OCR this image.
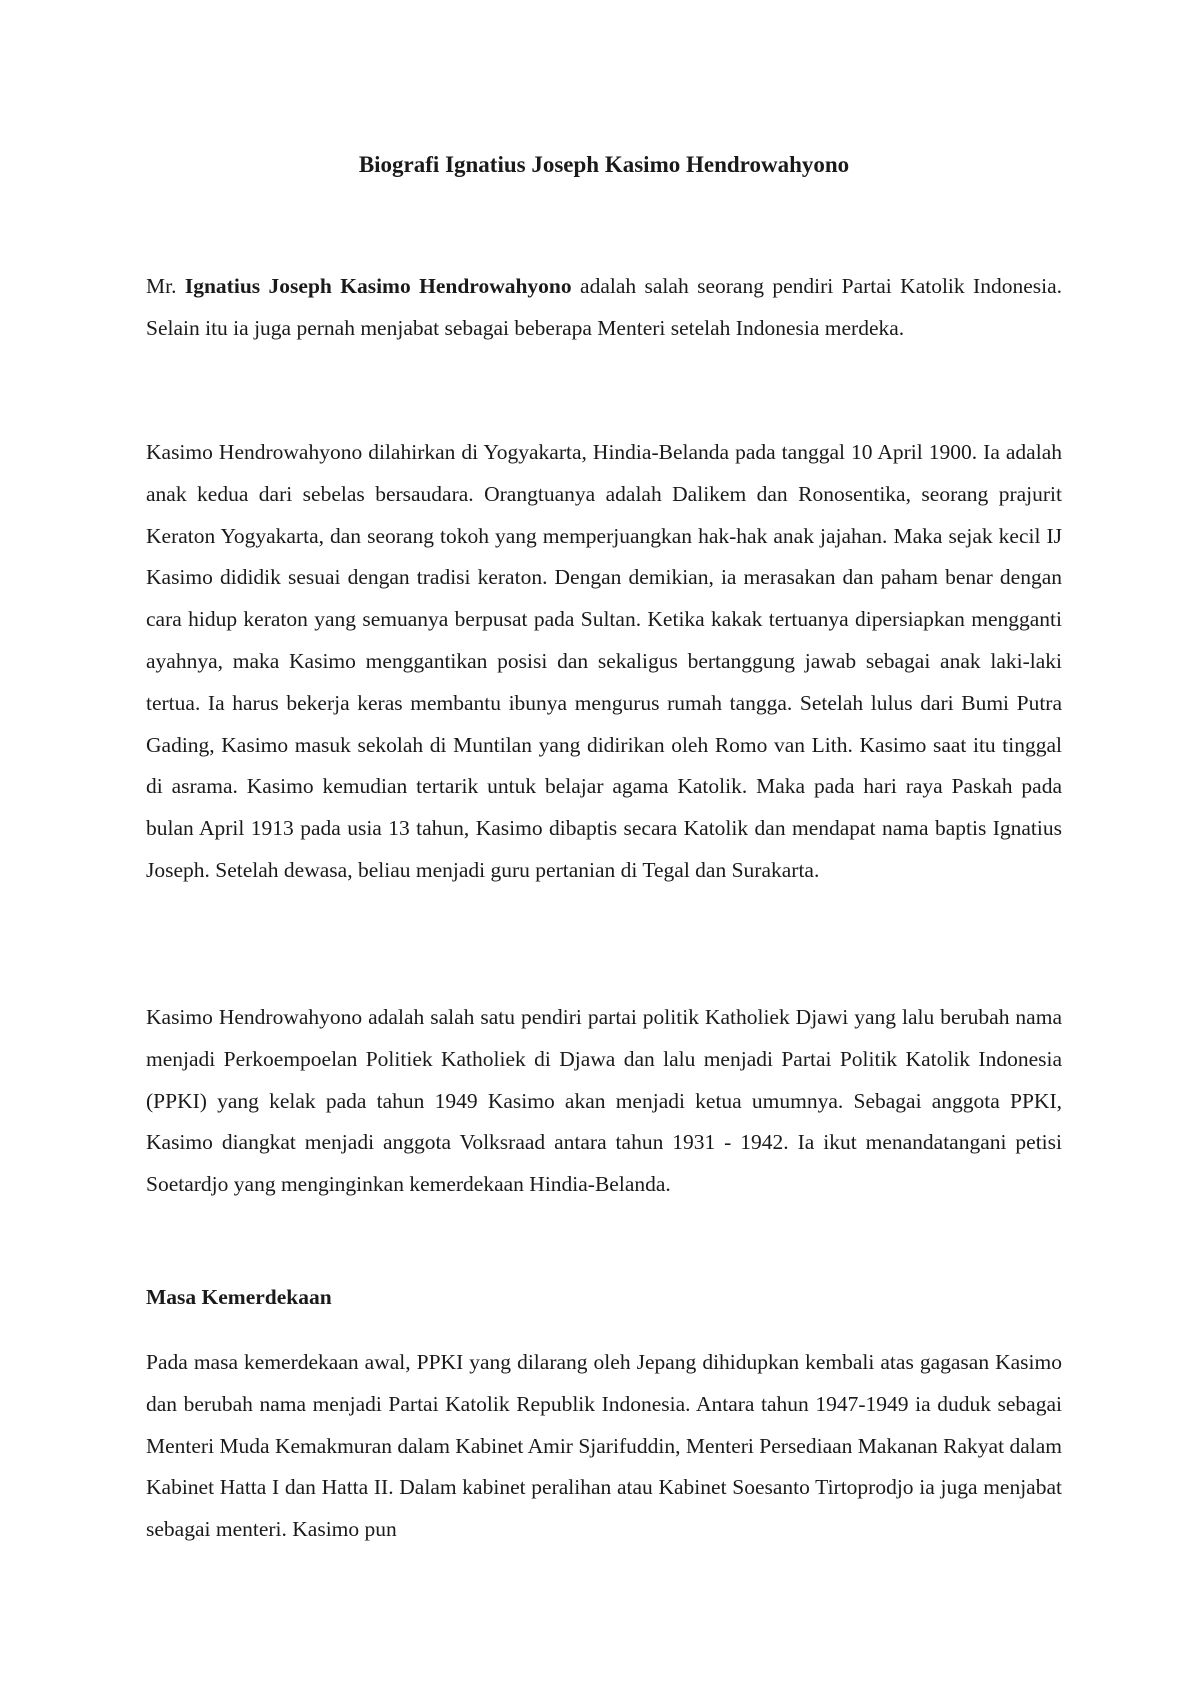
Biografi Ignatius Joseph Kasimo Hendrowahyono

Mr. Ignatius Joseph Kasimo Hendrowahyono adalah salah seorang pendiri Partai Katolik Indonesia. Selain itu ia juga pernah menjabat sebagai beberapa Menteri setelah Indonesia merdeka.

Kasimo Hendrowahyono dilahirkan di Yogyakarta, Hindia-Belanda pada tanggal 10 April 1900. Ia adalah anak kedua dari sebelas bersaudara. Orangtuanya adalah Dalikem dan Ronosentika, seorang prajurit Keraton Yogyakarta, dan seorang tokoh yang memperjuangkan hak-hak anak jajahan. Maka sejak kecil IJ Kasimo dididik sesuai dengan tradisi keraton. Dengan demikian, ia merasakan dan paham benar dengan cara hidup keraton yang semuanya berpusat pada Sultan. Ketika kakak tertuanya dipersiapkan mengganti ayahnya, maka Kasimo menggantikan posisi dan sekaligus bertanggung jawab sebagai anak laki-laki tertua. Ia harus bekerja keras membantu ibunya mengurus rumah tangga. Setelah lulus dari Bumi Putra Gading, Kasimo masuk sekolah di Muntilan yang didirikan oleh Romo van Lith. Kasimo saat itu tinggal di asrama. Kasimo kemudian tertarik untuk belajar agama Katolik. Maka pada hari raya Paskah pada bulan April 1913 pada usia 13 tahun, Kasimo dibaptis secara Katolik dan mendapat nama baptis Ignatius Joseph. Setelah dewasa, beliau menjadi guru pertanian di Tegal dan Surakarta.

Kasimo Hendrowahyono adalah salah satu pendiri partai politik Katholiek Djawi yang lalu berubah nama menjadi Perkoempoelan Politiek Katholiek di Djawa dan lalu menjadi Partai Politik Katolik Indonesia (PPKI) yang kelak pada tahun 1949 Kasimo akan menjadi ketua umumnya. Sebagai anggota PPKI, Kasimo diangkat menjadi anggota Volksraad antara tahun 1931 - 1942. Ia ikut menandatangani petisi Soetardjo yang menginginkan kemerdekaan Hindia-Belanda.

Masa Kemerdekaan

Pada masa kemerdekaan awal, PPKI yang dilarang oleh Jepang dihidupkan kembali atas gagasan Kasimo dan berubah nama menjadi Partai Katolik Republik Indonesia. Antara tahun 1947-1949 ia duduk sebagai Menteri Muda Kemakmuran dalam Kabinet Amir Sjarifuddin, Menteri Persediaan Makanan Rakyat dalam Kabinet Hatta I dan Hatta II. Dalam kabinet peralihan atau Kabinet Soesanto Tirtoprodjo ia juga menjabat sebagai menteri. Kasimo pun
